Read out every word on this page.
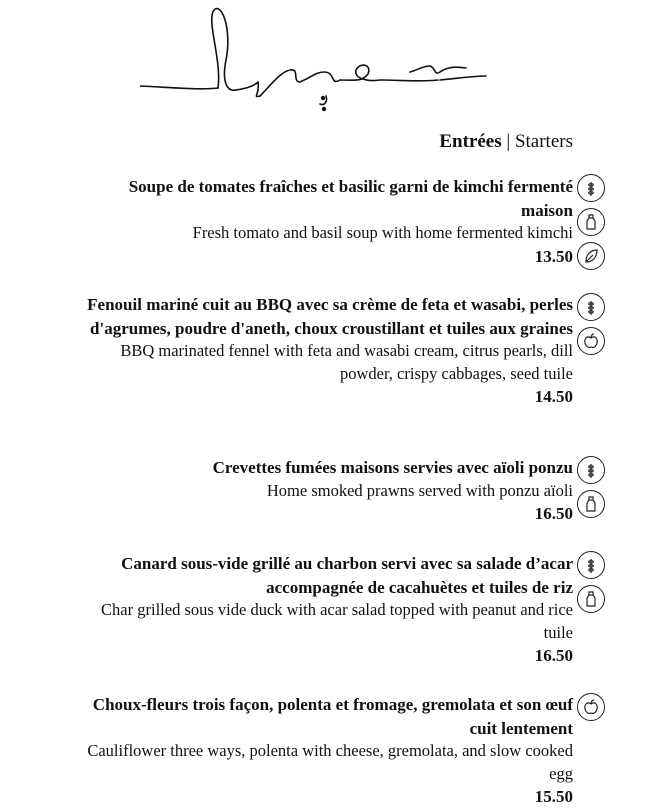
Entrées | Starters
Soupe de tomates fraîches et basilic garni de kimchi fermenté maison
Fresh tomato and basil soup with home fermented kimchi
13.50
Fenouil mariné cuit au BBQ avec sa crème de feta et wasabi, perles d'agrumes, poudre d'aneth, choux croustillant et tuiles aux graines
BBQ marinated fennel with feta and wasabi cream, citrus pearls, dill powder, crispy cabbages, seed tuile
14.50
Crevettes fumées maisons servies avec aïoli ponzu
Home smoked prawns served with ponzu aïoli
16.50
Canard sous-vide grillé au charbon servi avec sa salade d’acar accompagnée de cacahuètes et tuiles de riz
Char grilled sous vide duck with acar salad topped with peanut and rice tuile
16.50
Choux-fleurs trois façon, polenta et fromage, gremolata et son œuf cuit lentement
Cauliflower three ways, polenta with cheese, gremolata, and slow cooked egg
15.50
